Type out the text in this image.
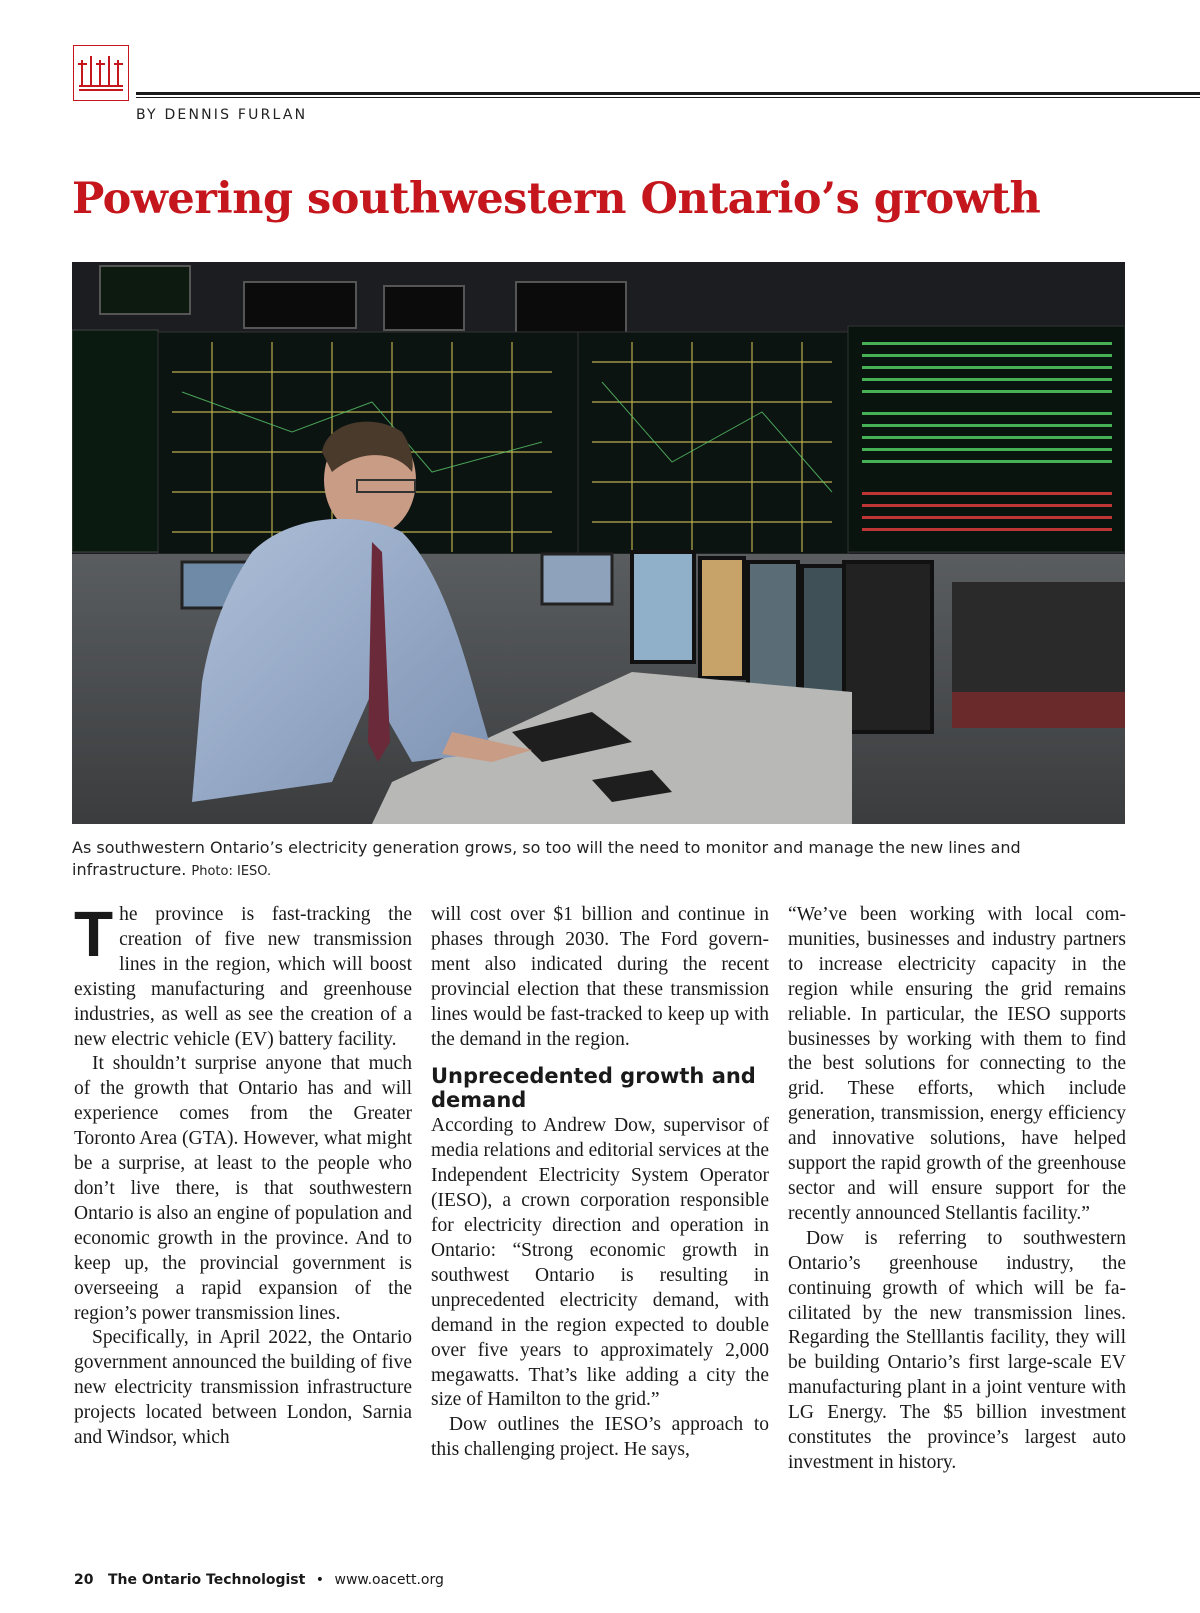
BY DENNIS FURLAN

Powering southwestern Ontario’s growth

As southwestern Ontario’s electricity generation grows, so too will the need to monitor and manage the new lines and infrastructure. Photo: IESO.

The province is fast-tracking the creation of five new transmission lines in the region, which will boost existing manufacturing and greenhouse industries, as well as see the creation of a new electric vehicle (EV) battery facility.

It shouldn’t surprise anyone that much of the growth that Ontario has and will experience comes from the Greater Toronto Area (GTA). However, what might be a surprise, at least to the people who don’t live there, is that southwestern Ontario is also an engine of population and economic growth in the province. And to keep up, the provincial government is overseeing a rapid expansion of the region’s power transmission lines.

Specifically, in April 2022, the Ontario government announced the building of five new electricity transmission infrastructure projects located between London, Sarnia and Windsor, which

will cost over $1 billion and continue in phases through 2030. The Ford government also indicated during the recent provincial election that these transmission lines would be fast-tracked to keep up with the demand in the region.

Unprecedented growth and demand

According to Andrew Dow, supervisor of media relations and editorial services at the Independent Electricity System Operator (IESO), a crown corporation responsible for electricity direction and operation in Ontario: “Strong economic growth in southwest Ontario is resulting in unprecedented electricity demand, with demand in the region expected to double over five years to approximately 2,000 megawatts. That’s like adding a city the size of Hamilton to the grid.”

Dow outlines the IESO’s approach to this challenging project. He says,

“We’ve been working with local communities, businesses and industry partners to increase electricity capacity in the region while ensuring the grid remains reliable. In particular, the IESO supports businesses by working with them to find the best solutions for connecting to the grid. These efforts, which include generation, transmission, energy efficiency and innovative solutions, have helped support the rapid growth of the greenhouse sector and will ensure support for the recently announced Stellantis facility.”

Dow is referring to southwestern Ontario’s greenhouse industry, the continuing growth of which will be facilitated by the new transmission lines. Regarding the Stelllantis facility, they will be building Ontario’s first large-scale EV manufacturing plant in a joint venture with LG Energy. The $5 billion investment constitutes the province’s largest auto investment in history.

20 The Ontario Technologist • www.oacett.org
